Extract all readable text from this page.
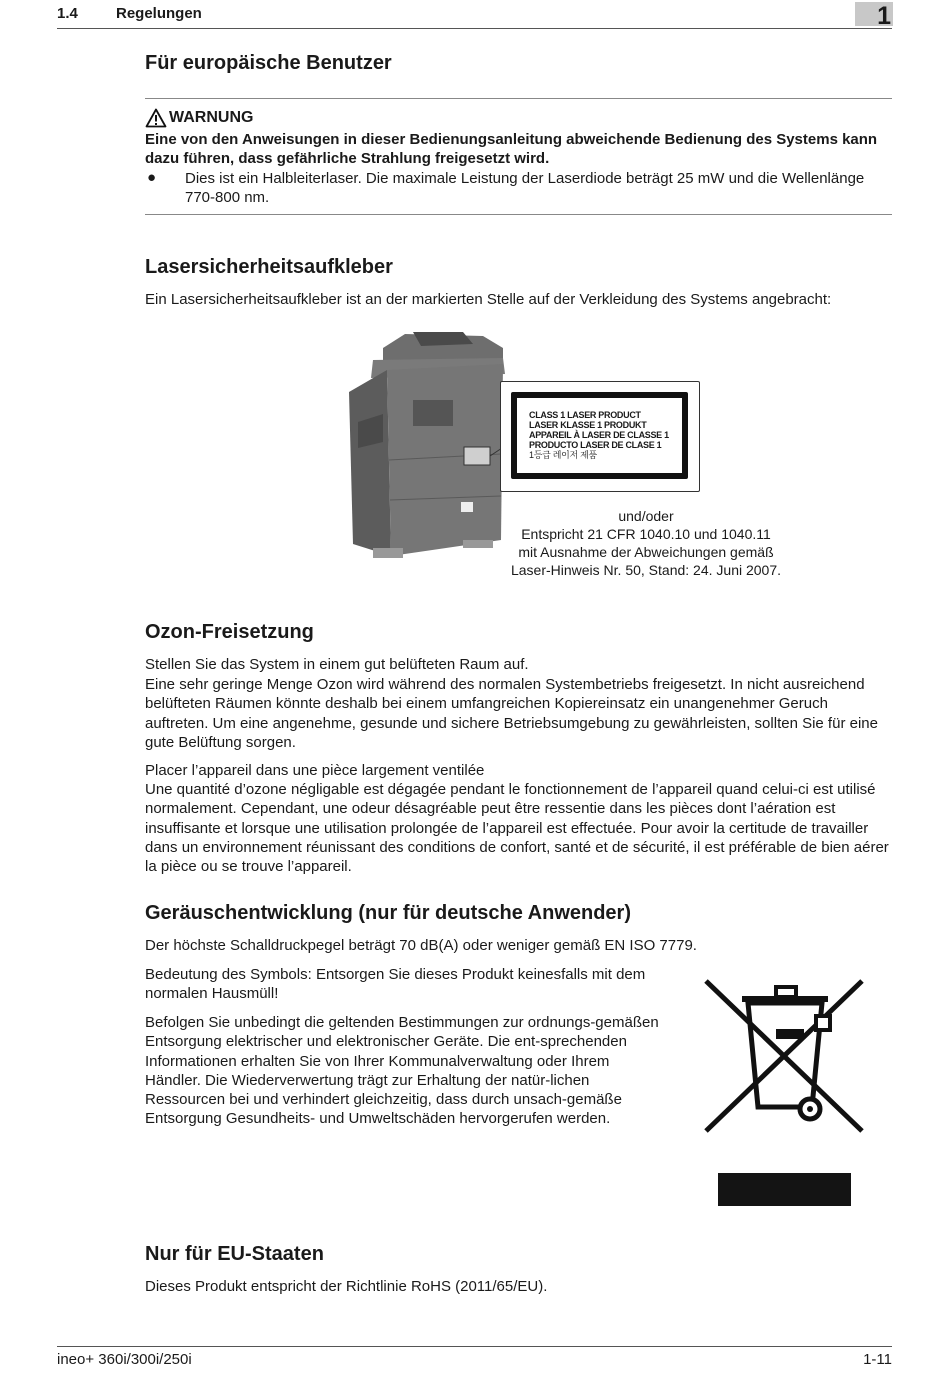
1.4	Regelungen	1
Für europäische Benutzer
WARNUNG

Eine von den Anweisungen in dieser Bedienungsanleitung abweichende Bedienung des Systems kann dazu führen, dass gefährliche Strahlung freigesetzt wird.

● Dies ist ein Halbleiterlaser. Die maximale Leistung der Laserdiode beträgt 25 mW und die Wellenlänge 770-800 nm.

Lasersicherheitsaufkleber

Ein Lasersicherheitsaufkleber ist an der markierten Stelle auf der Verkleidung des Systems angebracht:

CLASS 1 LASER PRODUCT
LASER KLASSE 1 PRODUKT
APPAREIL À LASER DE CLASSE 1
PRODUCTO LASER DE CLASE 1
1등급 레이저 제품
und/oder
Entspricht 21 CFR 1040.10 und 1040.11
mit Ausnahme der Abweichungen gemäß
Laser-Hinweis Nr. 50, Stand: 24. Juni 2007.
Ozon-Freisetzung

Stellen Sie das System in einem gut belüfteten Raum auf.

Eine sehr geringe Menge Ozon wird während des normalen Systembetriebs freigesetzt. In nicht ausreichend belüfteten Räumen könnte deshalb bei einem umfangreichen Kopiereinsatz ein unangenehmer Geruch auftreten. Um eine angenehme, gesunde und sichere Betriebsumgebung zu gewährleisten, sollten Sie für eine gute Belüftung sorgen.

Placer l’appareil dans une pièce largement ventilée

Une quantité d’ozone négligable est dégagée pendant le fonctionnement de l’appareil quand celui-ci est utilisé normalement. Cependant, une odeur désagréable peut être ressentie dans les pièces dont l’aération est insuffisante et lorsque une utilisation prolongée de l’appareil est effectuée. Pour avoir la certitude de travailler dans un environnement réunissant des conditions de confort, santé et de sécurité, il est préférable de bien aérer la pièce ou se trouve l’appareil.

Geräuschentwicklung (nur für deutsche Anwender)

Der höchste Schalldruckpegel beträgt 70 dB(A) oder weniger gemäß EN ISO 7779.

Bedeutung des Symbols: Entsorgen Sie dieses Produkt keinesfalls mit dem normalen Hausmüll!

Befolgen Sie unbedingt die geltenden Bestimmungen zur ordnungs-gemäßen Entsorgung elektrischer und elektronischer Geräte. Die ent-sprechenden Informationen erhalten Sie von Ihrer Kommunalverwaltung oder Ihrem Händler. Die Wiederverwertung trägt zur Erhaltung der natür-lichen Ressourcen bei und verhindert gleichzeitig, dass durch unsach-gemäße Entsorgung Gesundheits- und Umweltschäden hervorgerufen werden.

Nur für EU-Staaten

Dieses Produkt entspricht der Richtlinie RoHS (2011/65/EU).

ineo+ 360i/300i/250i	1-11
